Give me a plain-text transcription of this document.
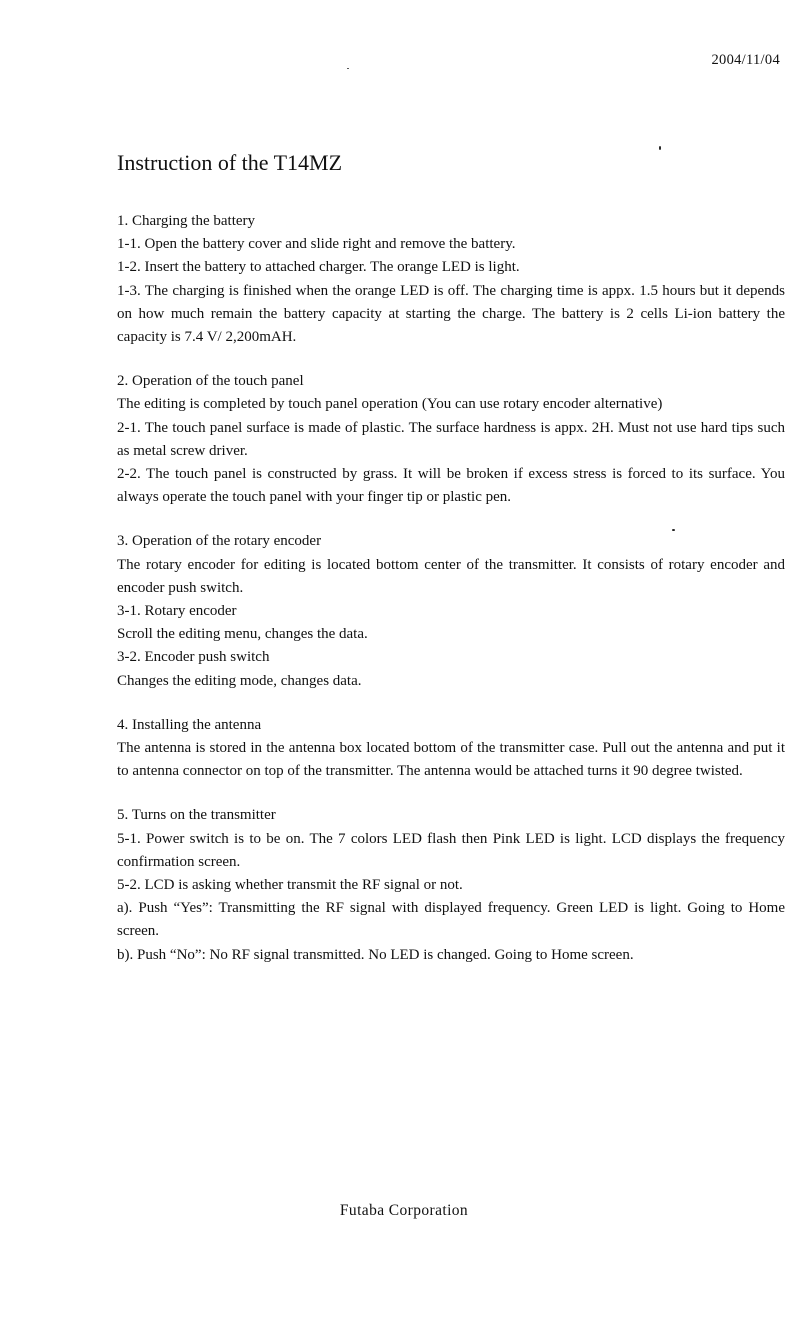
2004/11/04
Instruction of the T14MZ

1. Charging the battery

1-1. Open the battery cover and slide right and remove the battery.

1-2. Insert the battery to attached charger. The orange LED is light.

1-3. The charging is finished when the orange LED is off. The charging time is appx. 1.5 hours but it depends on how much remain the battery capacity at starting the charge. The battery is 2 cells Li-ion battery the capacity is 7.4 V/ 2,200mAH.

2. Operation of the touch panel

The editing is completed by touch panel operation (You can use rotary encoder alternative)

2-1. The touch panel surface is made of plastic. The surface hardness is appx. 2H. Must not use hard tips such as metal screw driver.

2-2. The touch panel is constructed by grass. It will be broken if excess stress is forced to its surface. You always operate the touch panel with your finger tip or plastic pen.

3. Operation of the rotary encoder

The rotary encoder for editing is located bottom center of the transmitter. It consists of rotary encoder and encoder push switch.

3-1. Rotary encoder

Scroll the editing menu, changes the data.

3-2. Encoder push switch

Changes the editing mode, changes data.

4. Installing the antenna

The antenna is stored in the antenna box located bottom of the transmitter case. Pull out the antenna and put it to antenna connector on top of the transmitter. The antenna would be attached turns it 90 degree twisted.

5. Turns on the transmitter

5-1. Power switch is to be on. The 7 colors LED flash then Pink LED is light. LCD displays the frequency confirmation screen.

5-2. LCD is asking whether transmit the RF signal or not.

a). Push “Yes”: Transmitting the RF signal with displayed frequency. Green LED is light. Going to Home screen.

b). Push “No”: No RF signal transmitted. No LED is changed. Going to Home screen.

Futaba Corporation
